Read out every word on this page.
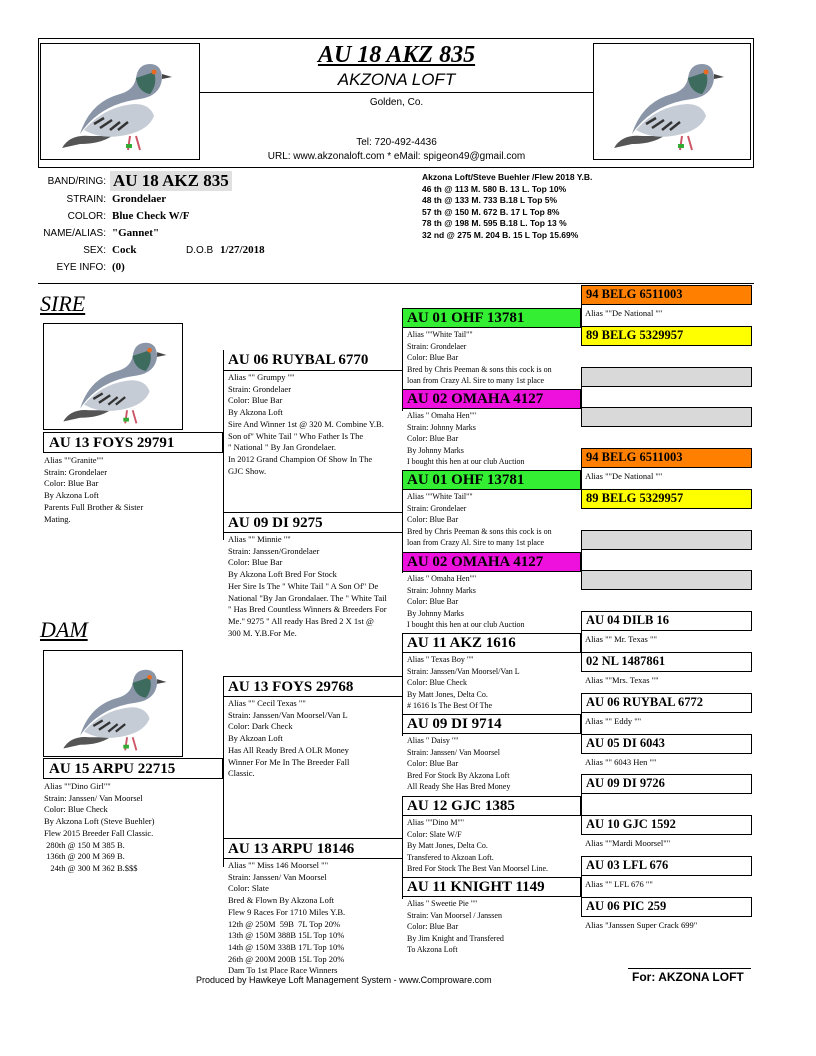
AU 18 AKZ 835
AKZONA LOFT
Golden, Co.
Tel: 720-492-4436
URL: www.akzonaloft.com * eMail: spigeon49@gmail.com
BAND/RING: AU 18 AKZ 835
STRAIN: Grondelaer
COLOR: Blue Check W/F
NAME/ALIAS: "Gannet"
SEX: Cock	D.O.B 1/27/2018
EYE INFO: (0)
Akzona Loft/Steve Buehler /Flew 2018 Y.B.
46 th @ 113 M. 580 B. 13 L. Top 10%
48 th @ 133 M. 733 B.18 L Top 5%
57 th @ 150 M. 672 B. 17 L Top 8%
78 th @ 198 M. 595 B.18 L. Top 13 %
32 nd @ 275 M. 204 B. 15 L Top 15.69%
SIRE
DAM
AU 13 FOYS 29791
Alias ""Granite""
Strain: Grondelaer
Color: Blue Bar
By Akzona Loft
Parents Full Brother & Sister
Mating.
AU 15 ARPU 22715
Alias ""Dino Girl""
Strain: Janssen/ Van Moorsel
Color: Blue Check
By Akzona Loft (Steve Buehler)
Flew 2015 Breeder Fall Classic.
280th @ 150 M 385 B.
136th @ 200 M 369 B.
24th @ 300 M 362 B.$$$
AU 06 RUYBAL 6770
Alias "" Grumpy ""
Strain: Grondelaer
Color: Blue Bar
By Akzona Loft
Sire And Winner 1st @ 320 M. Combine Y.B.
Son of" White Tail " Who Father Is The
" National " By Jan Grondelaer.
In 2012 Grand Champion Of Show In The
GJC Show.
AU 09 DI 9275
Alias "" Minnie ""
Strain: Janssen/Grondelaer
Color: Blue Bar
By Akzona Loft Bred For Stock
Her Sire Is The " White Tail " A Son Of" De
National "By Jan Grondalaer. The " White Tail
" Has Bred Countless Winners & Breeders For
Me." 9275 " All ready Has Bred 2 X 1st @
300 M. Y.B.For Me.
AU 13 FOYS 29768
Alias "" Cecil Texas ""
Strain: Janssen/Van Moorsel/Van L
Color: Dark Check
By Akzoan Loft
Has All Ready Bred A OLR Money
Winner For Me In The Breeder Fall
Classic.
AU 13 ARPU 18146
Alias "" Miss 146 Moorsel ""
Strain: Janssen/ Van Moorsel
Color: Slate
Bred & Flown By Akzona Loft
Flew 9 Races For 1710 Miles Y.B.
12th @ 250M  59B  7L Top 20%
13th @ 150M 388B 15L Top 10%
14th @ 150M 338B 17L Top 10%
26th @ 200M 200B 15L Top 20%
Dam To 1st Place Race Winners
AU 01 OHF 13781
Alias ""White Tail""
Strain: Grondelaer
Color: Blue Bar
Bred by Chris Peeman & sons this cock is on
loan from Crazy Al. Sire to many 1st place
AU 02 OMAHA 4127
Alias " Omaha Hen""
Strain: Johnny Marks
Color: Blue Bar
By Johnny Marks
I bought this hen at our club Auction
AU 01 OHF 13781
Alias ""White Tail""
Strain: Grondelaer
Color: Blue Bar
Bred by Chris Peeman & sons this cock is on
loan from Crazy Al. Sire to many 1st place
AU 02 OMAHA 4127
Alias " Omaha Hen""
Strain: Johnny Marks
Color: Blue Bar
By Johnny Marks
I bought this hen at our club Auction
AU 11 AKZ 1616
Alias " Texas Boy ""
Strain: Janssen/Van Moorsel/Van L
Color: Blue Check
By Matt Jones, Delta Co.
# 1616 Is The Best Of The
AU 09 DI 9714
Alias " Daisy ""
Strain: Janssen/ Van Moorsel
Color: Blue Bar
Bred For Stock By Akzona Loft
All Ready She Has Bred Money
AU 12 GJC 1385
Alias ""Dino M""
Color: Slate W/F
By Matt Jones, Delta Co.
Transfered to Akzoan Loft.
Bred For Stock The Best Van Moorsel Line.
AU 11 KNIGHT 1149
Alias " Sweetie Pie ""
Strain: Van Moorsel / Janssen
Color: Blue Bar
By Jim Knight and Transfered
To Akzona Loft
94 BELG 6511003
Alias ""De National ""
89 BELG 5329957
94 BELG 6511003
Alias ""De National ""
89 BELG 5329957
AU 04 DILB 16
Alias "" Mr. Texas ""
02 NL 1487861
Alias ""Mrs. Texas ""
AU 06 RUYBAL 6772
Alias "" Eddy ""
AU 05 DI 6043
Alias "" 6043 Hen ""
AU 09 DI 9726
AU 10 GJC 1592
Alias ""Mardi Moorsel""
AU 03 LFL 676
Alias "" LFL 676 ""
AU 06 PIC 259
Alias "Janssen Super Crack 699"
Produced by Hawkeye Loft Management System - www.Comproware.com	For: AKZONA LOFT
